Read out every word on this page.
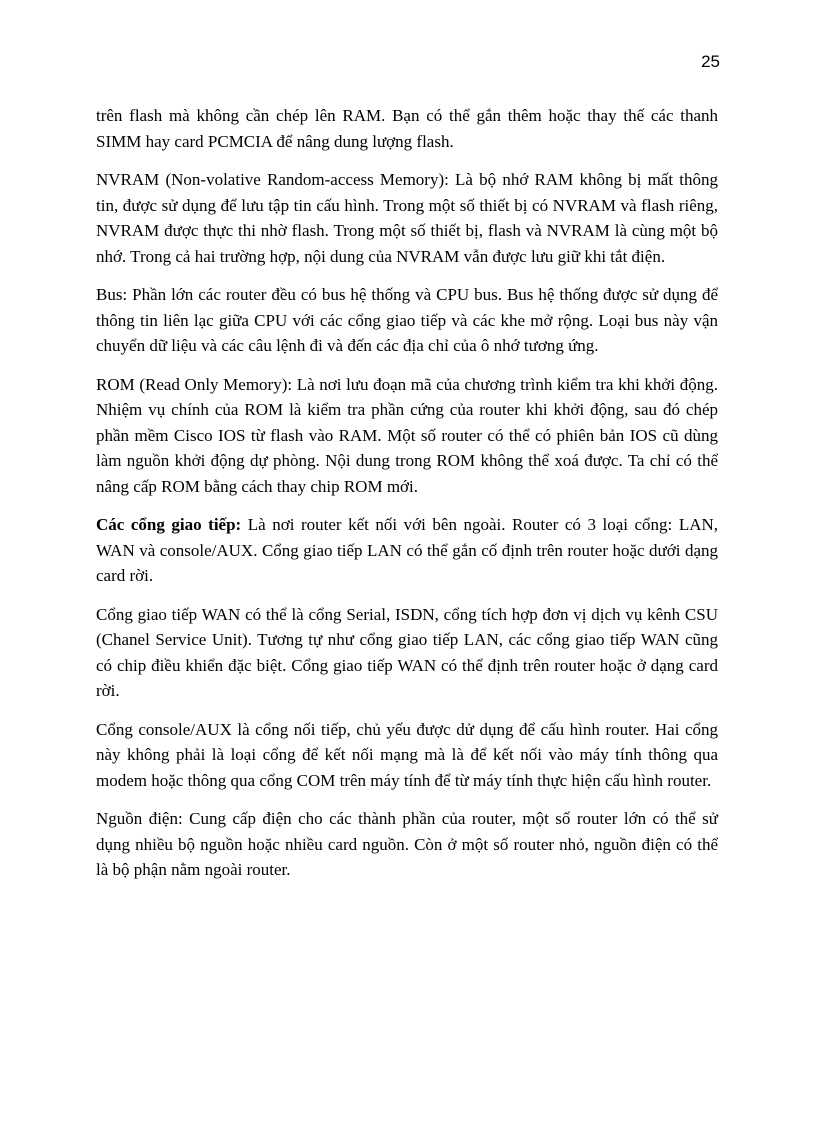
25

trên flash mà không cần chép lên RAM. Bạn có thể gắn thêm hoặc thay thế các thanh SIMM hay card PCMCIA để nâng dung lượng flash.

NVRAM (Non-volative Random-access Memory): Là bộ nhớ RAM không bị mất thông tin, được sử dụng để lưu tập tin cấu hình. Trong một số thiết bị có NVRAM và flash riêng, NVRAM được thực thi nhờ flash. Trong một số thiết bị, flash và NVRAM là cùng một bộ nhớ. Trong cả hai trường hợp, nội dung của NVRAM vẫn được lưu giữ khi tắt điện.

Bus: Phần lớn các router đều có bus hệ thống và CPU bus. Bus hệ thống được sử dụng để thông tin liên lạc giữa CPU với các cổng giao tiếp và các khe mở rộng. Loại bus này vận chuyển dữ liệu và các câu lệnh đi và đến các địa chỉ của ô nhớ tương ứng.

ROM (Read Only Memory): Là nơi lưu đoạn mã của chương trình kiểm tra khi khởi động. Nhiệm vụ chính của ROM là kiểm tra phần cứng của router khi khởi động, sau đó chép phần mềm Cisco IOS từ flash vào RAM. Một số router có thể có phiên bản IOS cũ dùng làm nguồn khởi động dự phòng. Nội dung trong ROM không thể xoá được. Ta chỉ có thể nâng cấp ROM bằng cách thay chip ROM mới.

Các cổng giao tiếp: Là nơi router kết nối với bên ngoài. Router có 3 loại cổng: LAN, WAN và console/AUX. Cổng giao tiếp LAN có thể gắn cố định trên router hoặc dưới dạng card rời.

Cổng giao tiếp WAN có thể là cổng Serial, ISDN, cổng tích hợp đơn vị dịch vụ kênh CSU (Chanel Service Unit). Tương tự như cổng giao tiếp LAN, các cổng giao tiếp WAN cũng có chip điều khiển đặc biệt. Cổng giao tiếp WAN có thể định trên router hoặc ở dạng card rời.

Cổng console/AUX là cổng nối tiếp, chủ yếu được dử dụng để cấu hình router. Hai cổng này không phải là loại cổng để kết nối mạng mà là để kết nối vào máy tính thông qua modem hoặc thông qua cổng COM trên máy tính để từ máy tính thực hiện cấu hình router.

Nguồn điện: Cung cấp điện cho các thành phần của router, một số router lớn có thể sử dụng nhiều bộ nguồn hoặc nhiều card nguồn. Còn ở một số router nhỏ, nguồn điện có thể là bộ phận nằm ngoài router.
